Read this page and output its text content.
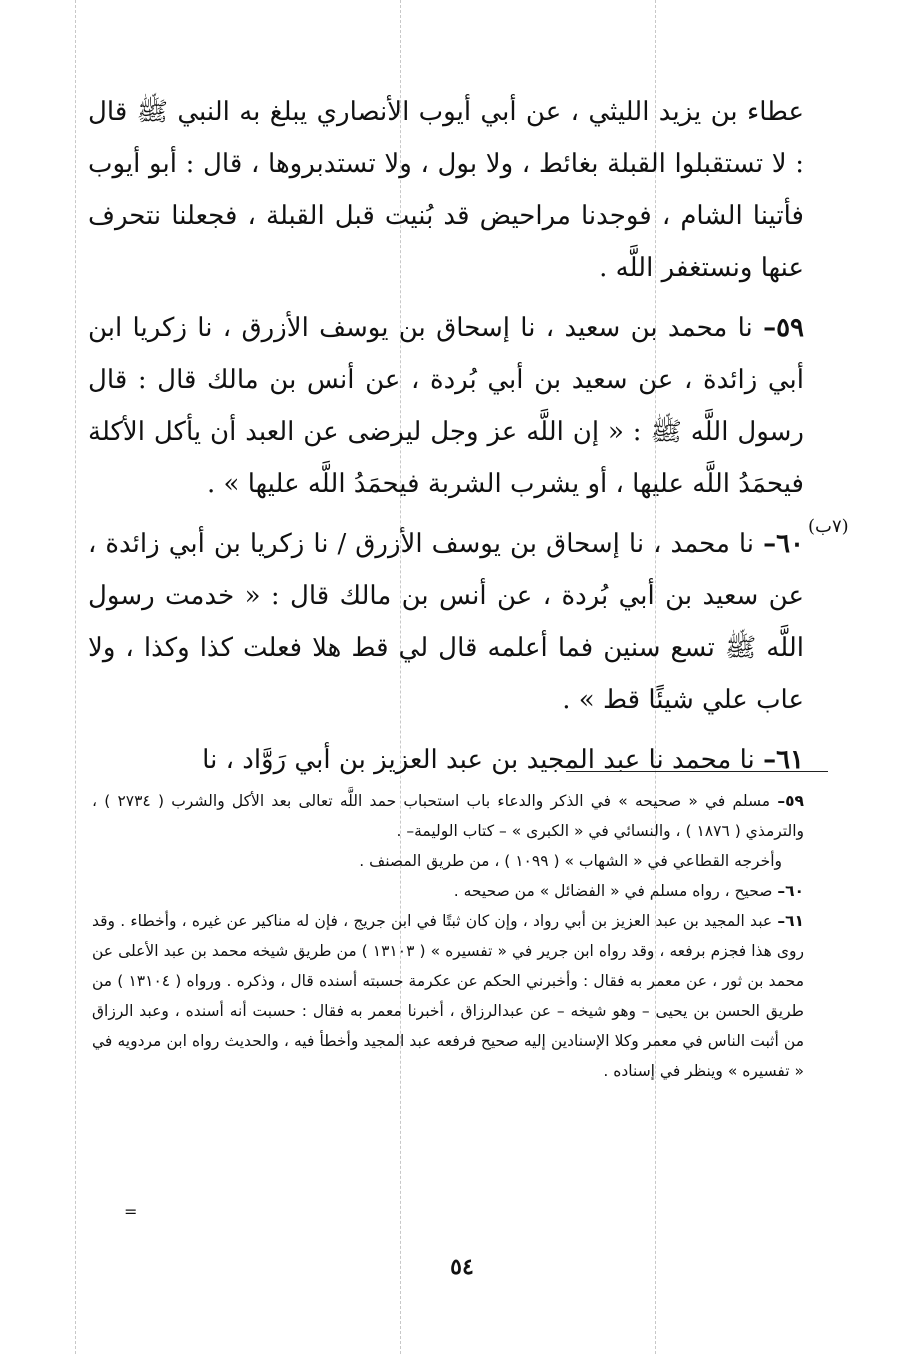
عطاء بن يزيد الليثي ، عن أبي أيوب الأنصاري يبلغ به النبي ﷺ قال : لا تستقبلوا القبلة بغائط ، ولا بول ، ولا تستدبروها ، قال : أبو أيوب فأتينا الشام ، فوجدنا مراحيض قد بُنيت قبل القبلة ، فجعلنا نتحرف عنها ونستغفر اللَّه .

٥٩– نا محمد بن سعيد ، نا إسحاق بن يوسف الأزرق ، نا زكريا ابن أبي زائدة ، عن سعيد بن أبي بُردة ، عن أنس بن مالك قال : قال رسول اللَّه ﷺ : « إن اللَّه عز وجل ليرضى عن العبد أن يأكل الأكلة فيحمَدُ اللَّه عليها ، أو يشرب الشربة فيحمَدُ اللَّه عليها » .

٦٠– نا محمد ، نا إسحاق بن يوسف الأزرق / نا زكريا بن أبي زائدة ، عن سعيد بن أبي بُردة ، عن أنس بن مالك قال : « خدمت رسول اللَّه ﷺ تسع سنين فما أعلمه قال لي قط هلا فعلت كذا وكذا ، ولا عاب علي شيئًا قط » .

٦١– نا محمد نا عبد المجيد بن عبد العزيز بن أبي رَوَّاد ، نا

(٧ب)

٥٩– مسلم في « صحيحه » في الذكر والدعاء باب استحباب حمد اللَّه تعالى بعد الأكل والشرب ( ٢٧٣٤ ) ، والترمذي ( ١٨٧٦ ) ، والنسائي في « الكبرى » – كتاب الوليمة– .

وأخرجه القطاعي في « الشهاب » ( ١٠٩٩ ) ، من طريق المصنف .

٦٠– صحيح ، رواه مسلم في « الفضائل » من صحيحه .

٦١– عبد المجيد بن عبد العزيز بن أبي رواد ، وإن كان ثبتًا في ابن جريج ، فإن له مناكير عن غيره ، وأخطاء . وقد روى هذا فجزم برفعه ، وقد رواه ابن جرير في « تفسيره » ( ١٣١٠٣ ) من طريق شيخه محمد بن عبد الأعلى عن محمد بن ثور ، عن معمر به فقال : وأخبرني الحكم عن عكرمة حسبته أسنده قال ، وذكره . ورواه ( ١٣١٠٤ ) من طريق الحسن بن يحيى – وهو شيخه – عن عبدالرزاق ، أخبرنا معمر به فقال : حسبت أنه أسنده ، وعبد الرزاق من أثبت الناس في معمر وكلا الإسنادين إليه صحيح فرفعه عبد المجيد وأخطأ فيه ، والحديث رواه ابن مردويه في « تفسيره » وينظر في إسناده .

=
٥٤
